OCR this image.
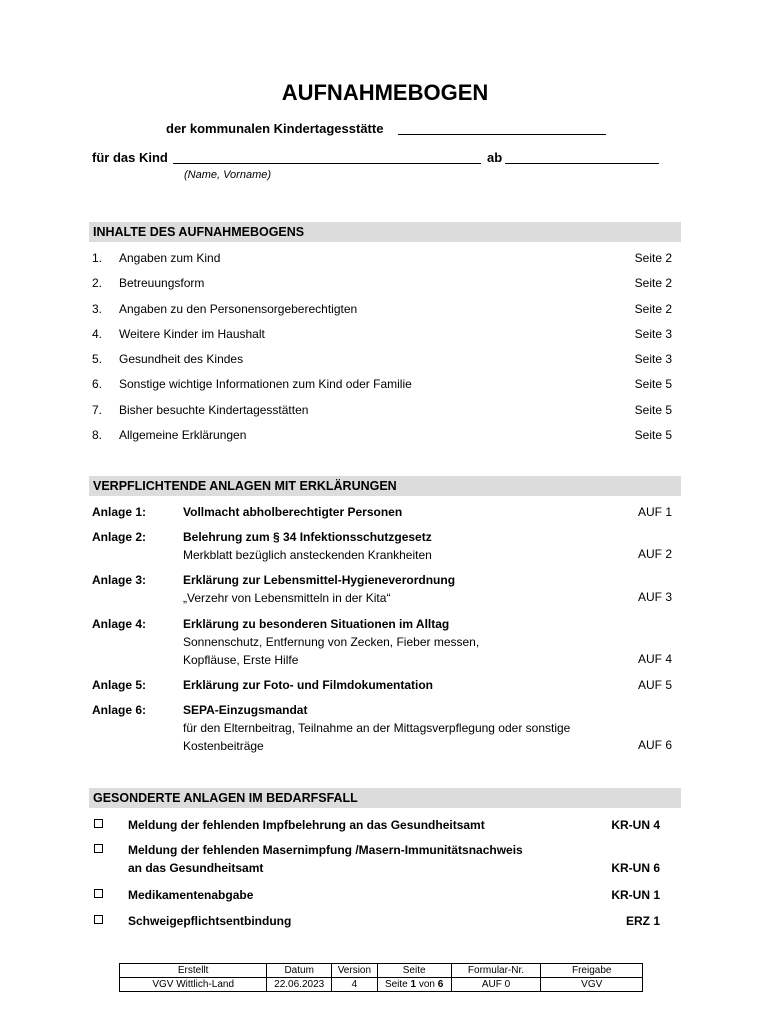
AUFNAHMEBOGEN
der kommunalen Kindertagesstätte
für das Kind	ab
(Name, Vorname)
INHALTE DES AUFNAHMEBOGENS
1. Angaben zum Kind	Seite 2
2. Betreuungsform	Seite 2
3. Angaben zu den Personensorgeberechtigten	Seite 2
4. Weitere Kinder im Haushalt	Seite 3
5. Gesundheit des Kindes	Seite 3
6. Sonstige wichtige Informationen zum Kind oder Familie	Seite 5
7. Bisher besuchte Kindertagesstätten	Seite 5
8. Allgemeine Erklärungen	Seite 5
VERPFLICHTENDE ANLAGEN MIT ERKLÄRUNGEN
Anlage 1:	Vollmacht abholberechtigter Personen	AUF 1
Anlage 2:	Belehrung zum § 34 Infektionsschutzgesetz
Merkblatt bezüglich ansteckenden Krankheiten	AUF 2
Anlage 3:	Erklärung zur Lebensmittel-Hygieneverordnung
„Verzehr von Lebensmitteln in der Kita“	AUF 3
Anlage 4:	Erklärung zu besonderen Situationen im Alltag
Sonnenschutz, Entfernung von Zecken, Fieber messen,
Kopfläuse, Erste Hilfe	AUF 4
Anlage 5:	Erklärung zur Foto- und Filmdokumentation	AUF 5
Anlage 6:	SEPA-Einzugsmandat
für den Elternbeitrag, Teilnahme an der Mittagsverpflegung oder sonstige
Kostenbeiträge	AUF 6
GESONDERTE ANLAGEN IM BEDARFSFALL
Meldung der fehlenden Impfbelehrung an das Gesundheitsamt	KR-UN 4
Meldung der fehlenden Masernimpfung /Masern-Immunitätsnachweis
an das Gesundheitsamt	KR-UN 6
Medikamentenabgabe	KR-UN 1
Schweigepflichtsentbindung	ERZ 1
Erstellt	Datum	Version	Seite	Formular-Nr.	Freigabe
VGV Wittlich-Land	22.06.2023	4	Seite 1 von 6	AUF 0	VGV
